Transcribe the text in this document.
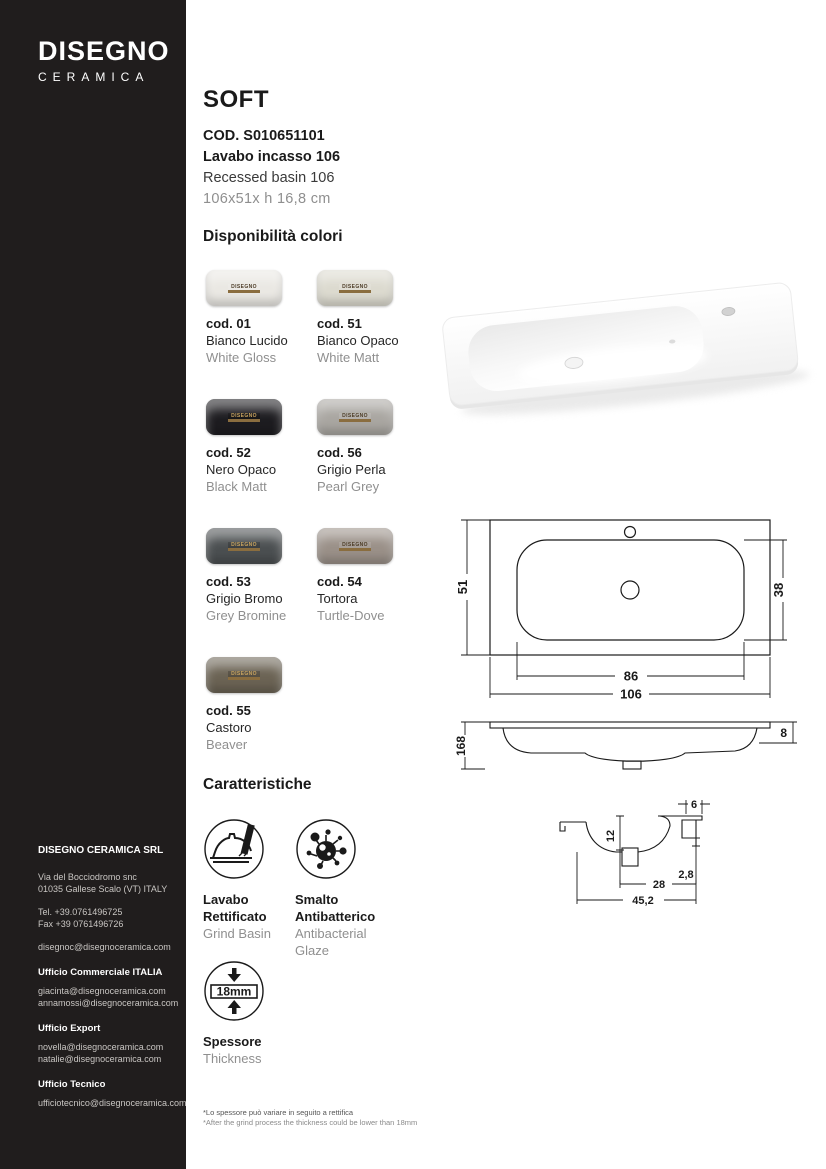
DISEGNO
CERAMICA
DISEGNO CERAMICA SRL
Via del Bocciodromo snc
01035 Gallese Scalo (VT) ITALY
Tel. +39.0761496725
Fax +39 0761496726
disegnoc@disegnoceramica.com
Ufficio Commerciale ITALIA
giacinta@disegnoceramica.com
annamossi@disegnoceramica.com
Ufficio Export
novella@disegnoceramica.com
natalie@disegnoceramica.com
Ufficio Tecnico
ufficiotecnico@disegnoceramica.com
SOFT
COD. S010651101
Lavabo incasso 106
Recessed basin 106
106x51x h 16,8 cm
Disponibilità colori
DISEGNO
cod. 01
Bianco Lucido
White Gloss
DISEGNO
cod. 51
Bianco Opaco
White Matt
DISEGNO
cod. 52
Nero Opaco
Black Matt
DISEGNO
cod. 56
Grigio Perla
Pearl Grey
DISEGNO
cod. 53
Grigio Bromo
Grey Bromine
DISEGNO
cod. 54
Tortora
Turtle-Dove
DISEGNO
cod. 55
Castoro
Beaver
51	38
86
106
168
8
6
12
28
2,8
45,2
Caratteristiche
Lavabo Rettificato
Grind Basin
Smalto Antibatterico
Antibacterial Glaze
18mm
Spessore
Thickness
*Lo spessore può variare in seguito a rettifica
*After the grind process the thickness could be lower than 18mm
